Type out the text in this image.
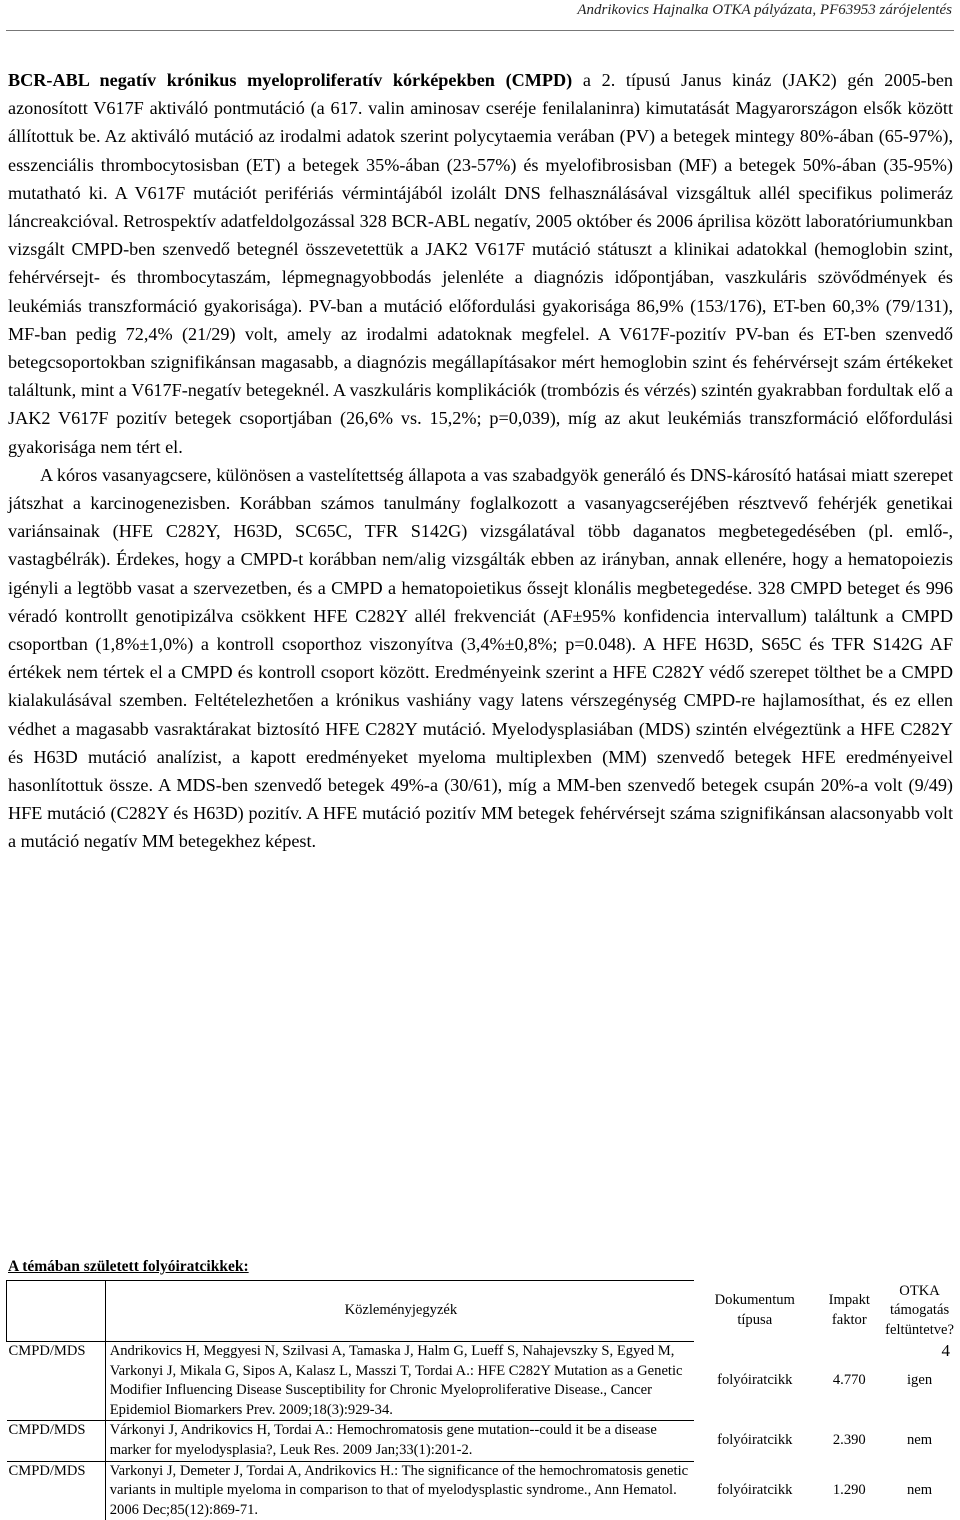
Andrikovics Hajnalka OTKA pályázata, PF63953 zárójelentés

BCR-ABL negatív krónikus myeloproliferatív kórképekben (CMPD) a 2. típusú Janus kináz (JAK2) gén 2005-ben azonosított V617F aktiváló pontmutáció (a 617. valin aminosav cseréje fenilalaninra) kimutatását Magyarországon elsők között állítottuk be. Az aktiváló mutáció az irodalmi adatok szerint polycytaemia verában (PV) a betegek mintegy 80%-ában (65-97%), esszenciális thrombocytosisban (ET) a betegek 35%-ában (23-57%) és myelofibrosisban (MF) a betegek 50%-ában (35-95%) mutatható ki. A V617F mutációt perifériás vérmintájából izolált DNS felhasználásával vizsgáltuk allél specifikus polimeráz láncreakcióval. Retrospektív adatfeldolgozással 328 BCR-ABL negatív, 2005 október és 2006 áprilisa között laboratóriumunkban vizsgált CMPD-ben szenvedő betegnél összevetettük a JAK2 V617F mutáció státuszt a klinikai adatokkal (hemoglobin szint, fehérvérsejt- és thrombocytaszám, lépmegnagyobbodás jelenléte a diagnózis időpontjában, vaszkuláris szövődmények és leukémiás transzformáció gyakorisága). PV-ban a mutáció előfordulási gyakorisága 86,9% (153/176), ET-ben 60,3% (79/131), MF-ban pedig 72,4% (21/29) volt, amely az irodalmi adatoknak megfelel. A V617F-pozitív PV-ban és ET-ben szenvedő betegcsoportokban szignifikánsan magasabb, a diagnózis megállapításakor mért hemoglobin szint és fehérvérsejt szám értékeket találtunk, mint a V617F-negatív betegeknél. A vaszkuláris komplikációk (trombózis és vérzés) szintén gyakrabban fordultak elő a JAK2 V617F pozitív betegek csoportjában (26,6% vs. 15,2%; p=0,039), míg az akut leukémiás transzformáció előfordulási gyakorisága nem tért el.

A kóros vasanyagcsere, különösen a vastelítettség állapota a vas szabadgyök generáló és DNS-károsító hatásai miatt szerepet játszhat a karcinogenezisben. Korábban számos tanulmány foglalkozott a vasanyagcseréjében résztvevő fehérjék genetikai variánsainak (HFE C282Y, H63D, SC65C, TFR S142G) vizsgálatával több daganatos megbetegedésében (pl. emlő-, vastagbélrák). Érdekes, hogy a CMPD-t korábban nem/alig vizsgálták ebben az irányban, annak ellenére, hogy a hematopoiezis igényli a legtöbb vasat a szervezetben, és a CMPD a hematopoietikus őssejt klonális megbetegedése. 328 CMPD beteget és 996 véradó kontrollt genotipizálva csökkent HFE C282Y allél frekvenciát (AF±95% konfidencia intervallum) találtunk a CMPD csoportban (1,8%±1,0%) a kontroll csoporthoz viszonyítva (3,4%±0,8%; p=0.048). A HFE H63D, S65C és TFR S142G AF értékek nem tértek el a CMPD és kontroll csoport között. Eredményeink szerint a HFE C282Y védő szerepet tölthet be a CMPD kialakulásával szemben. Feltételezhetően a krónikus vashiány vagy latens vérszegénység CMPD-re hajlamosíthat, és ez ellen védhet a magasabb vasraktárakat biztosító HFE C282Y mutáció. Myelodysplasiában (MDS) szintén elvégeztünk a HFE C282Y és H63D mutáció analízist, a kapott eredményeket myeloma multiplexben (MM) szenvedő betegek HFE eredményeivel hasonlítottuk össze. A MDS-ben szenvedő betegek 49%-a (30/61), míg a MM-ben szenvedő betegek csupán 20%-a volt (9/49) HFE mutáció (C282Y és H63D) pozitív. A HFE mutáció pozitív MM betegek fehérvérsejt száma szignifikánsan alacsonyabb volt a mutáció negatív MM betegekhez képest.

A témában született folyóiratcikkek:
	Közleményjegyzék	Dokumentum típusa	Impakt faktor	OTKA támogatás feltüntetve?
CMPD/MDS	Andrikovics H, Meggyesi N, Szilvasi A, Tamaska J, Halm G, Lueff S, Nahajevszky S, Egyed M, Varkonyi J, Mikala G, Sipos A, Kalasz L, Masszi T, Tordai A.: HFE C282Y Mutation as a Genetic Modifier Influencing Disease Susceptibility for Chronic Myeloproliferative Disease., Cancer Epidemiol Biomarkers Prev. 2009;18(3):929-34.	folyóiratcikk	4.770	igen
CMPD/MDS	Várkonyi J, Andrikovics H, Tordai A.: Hemochromatosis gene mutation--could it be a disease marker for myelodysplasia?, Leuk Res. 2009 Jan;33(1):201-2.	folyóiratcikk	2.390	nem
CMPD/MDS	Varkonyi J, Demeter J, Tordai A, Andrikovics H.: The significance of the hemochromatosis genetic variants in multiple myeloma in comparison to that of myelodysplastic syndrome., Ann Hematol. 2006 Dec;85(12):869-71.	folyóiratcikk	1.290	nem
4
